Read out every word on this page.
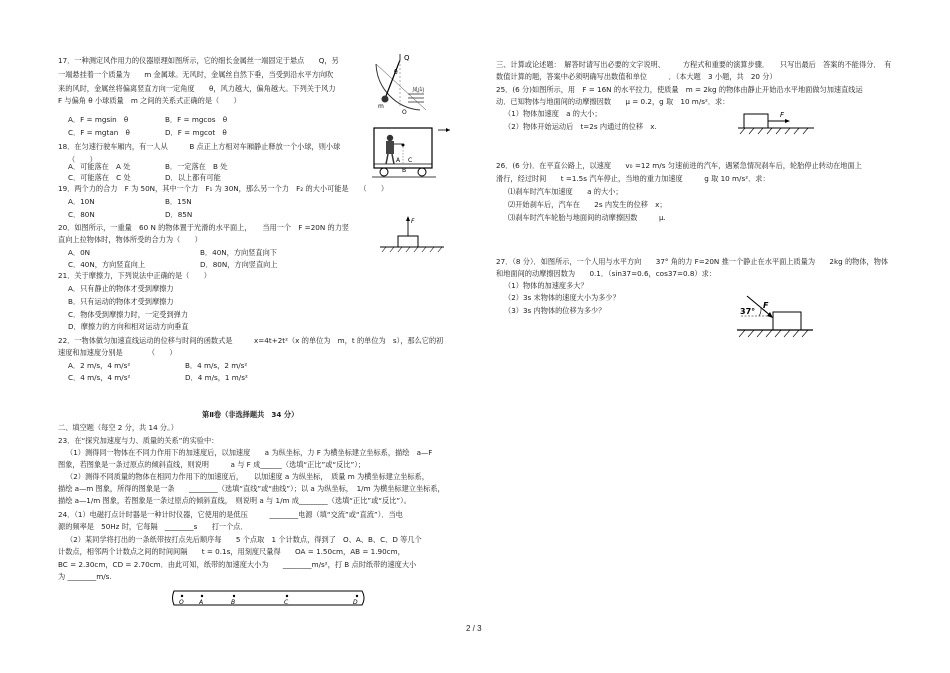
17．一种测定风作用力的仪器原理如图所示，它的细长金属丝一端固定于悬点　　Q，另
一端悬挂着一个质量为　　m 金属球。无风时，金属丝自然下垂，当受到沿水平方向吹
来的风时，金属丝将偏离竖直方向一定角度　　θ，风力越大，偏角越大。下列关于风力
F 与偏角 θ 小球质量　m 之间的关系式正确的是（　　）
A．F = mgsin　θ	B．F = mgcos　θ
C．F = mgtan　θ	D．F = mgcot　θ
Q
θ
m
风向
O
18．在匀速行驶车厢内，有一人从　　　B 点正上方相对车厢静止释放一个小球，则小球
（　　）
A．可能落在　A 处	B．一定落在　B 处
C．可能落在　C 处	D．以上都有可能
A
B
C
19．两个力的合力　F 为 50N，其中一个力　F₁ 为 30N，那么另一个力　F₂ 的大小可能是　　（　　）
A．10N	B．15N
C．80N	D．85N
20．如图所示，一重量　60 N 的物体置于光滑的水平面上，　　当用一个　F =20N 的力竖
直向上拉物体时，物体所受的合力为（　　）
A．0N	B．40N，方向竖直向下
C．40N，方向竖直向上	D．80N，方向竖直向上
F
21．关于摩擦力，下列说法中正确的是（　　）
A．只有静止的物体才受到摩擦力
B．只有运动的物体才受到摩擦力
C．物体受到摩擦力时，一定受到弹力
D．摩擦力的方向和相对运动方向垂直
22．一物体做匀加速直线运动的位移与时间的函数式是　　　x=4t+2t²（x 的单位为　m，t 的单位为　s），那么它的初
速度和加速度分别是　　　　（　　）
A．2 m/s，4 m/s²	B．4 m/s，2 m/s²
C．4 m/s，4 m/s²	D．4 m/s，1 m/s²
第Ⅱ卷（非选择题共　34 分）
二、填空题（每空 2 分，共 14 分。）
23．在“探究加速度与力、质量的关系”的实验中：
（1）测得同一物体在不同力作用下的加速度后，以加速度　　a 为纵坐标，力 F 为横坐标建立坐标系，描绘　a—F
图象，若图象是一条过原点的倾斜直线，则说明　　　a 与 F 成______（选填“正比”或“反比”）；
（2）测得不同质量的物体在相同力作用下的加速度后，　　以加速度 a 为纵坐标，　质量 m 为横坐标建立坐标系，
描绘 a—m 图象，所得的图象是一条　　________（选填“直线”或“曲线”）；以 a 为纵坐标，　1/m 为横坐标建立坐标系，
描绘 a—1/m 图象，若图象是一条过原点的倾斜直线，　则说明 a 与 1/m 成________（选填“正比”或“反比”）。
24．（1）电磁打点计时器是一种计时仪器，它使用的是低压　　　________电源（填“交流”或“直流”）．当电
源的频率是　50Hz 时，它每隔　________s　　打一个点．
（2）某同学将打出的一条纸带按打点先后顺序每　　5 个点取　1 个计数点，得到了　O、A、B、C、D 等几个
计数点，相邻两个计数点之间的时间间隔　　t = 0.1s，用刻度尺量得　　OA = 1.50cm，AB = 1.90cm，
BC = 2.30cm，CD = 2.70cm．由此可知，纸带的加速度大小为　　________m/s²，打 B 点时纸带的速度大小
为 ________m/s.
O	A	B	C	D
三、计算或论述题：　解答时请写出必要的文字说明、　　　方程式和重要的演算步骤．　　只写出最后　答案的不能得分．　有
数值计算的题，答案中必须明确写出数值和单位　　　．（本大题　3 小题，共　20 分）
25．(6 分)如图所示，用　F = 16N 的水平拉力，使质量　m = 2kg 的物体由静止开始沿水平地面做匀加速直线运
动．已知物体与地面间的动摩擦因数　　μ = 0.2，g 取　10 m/s²．求：
（1）物体加速度　a 的大小；
（2）物体开始运动后　t=2s 内通过的位移　x.
F
26．(6 分)．在平直公路上，以速度　　v₀ =12 m/s 匀速前进的汽车，遇紧急情况刹车后，轮胎停止转动在地面上
滑行，经过时间　　t =1.5s 汽车停止，当地的重力加速度　　　g 取 10 m/s²．求：
⑴刹车时汽车加速度　　a 的大小；
⑵开始刹车后，汽车在　　2s 内发生的位移　x；
⑶刹车时汽车轮胎与地面间的动摩擦因数　　　μ.
27．（8 分）．如图所示，一个人用与水平方向　　37° 角的力 F=20N 推一个静止在水平面上质量为　　2kg 的物体，物体
和地面间的动摩擦因数为　　0.1．（sin37=0.6，cos37=0.8）求：
（1）物体的加速度多大？
（2）3s 末物体的速度大小为多少？
（3）3s 内物体的位移为多少？	37°
F
2 / 3
